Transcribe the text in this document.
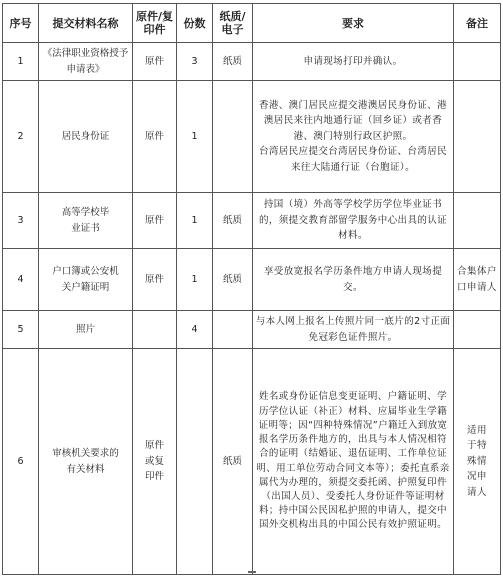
序号	提交材料名称	原件/复印件	份数	纸质/电子	要求	备注
1	《法律职业资格授予申请表》	原件	3	纸质	申请现场打印并确认。	

2	居民身份证	原件	1		香港、澳门居民应提交港澳居民身份证、港澳居民来往内地通行证（回乡证）或者香港、澳门特别行政区护照。
台湾居民应提交台湾居民身份证、台湾居民来往大陆通行证（台胞证）。	

3	高等学校毕业证书	原件	1	纸质	持国（境）外高等学校学历学位毕业证书的，须提交教育部留学服务中心出具的认证材料。	

4	户口簿或公安机关户籍证明	原件	1	纸质	享受放宽报名学历条件地方申请人现场提交。	合集体户口申请人
5	照片		4		与本人网上报名上传照片同一底片的2寸正面免冠彩色证件照片。	

6	审核机关要求的有关材料	原件或复印件		纸质	姓名或身份证信息变更证明、户籍证明、学历学位认证（补正）材料、应届毕业生学籍证明等；因“四种特殊情况”户籍迁入到放宽报名学历条件地方的，出具与本人情况相符合的证明（结婚证、退伍证明、工作单位证明、用工单位劳动合同文本等）；委托直系亲属代为办理的，须提交委托函、护照复印件（出国人员）、受委托人身份证件等证明材料；持中国公民因私护照的申请人，提交中国外交机构出具的中国公民有效护照证明。	适用于特殊情况申请人
